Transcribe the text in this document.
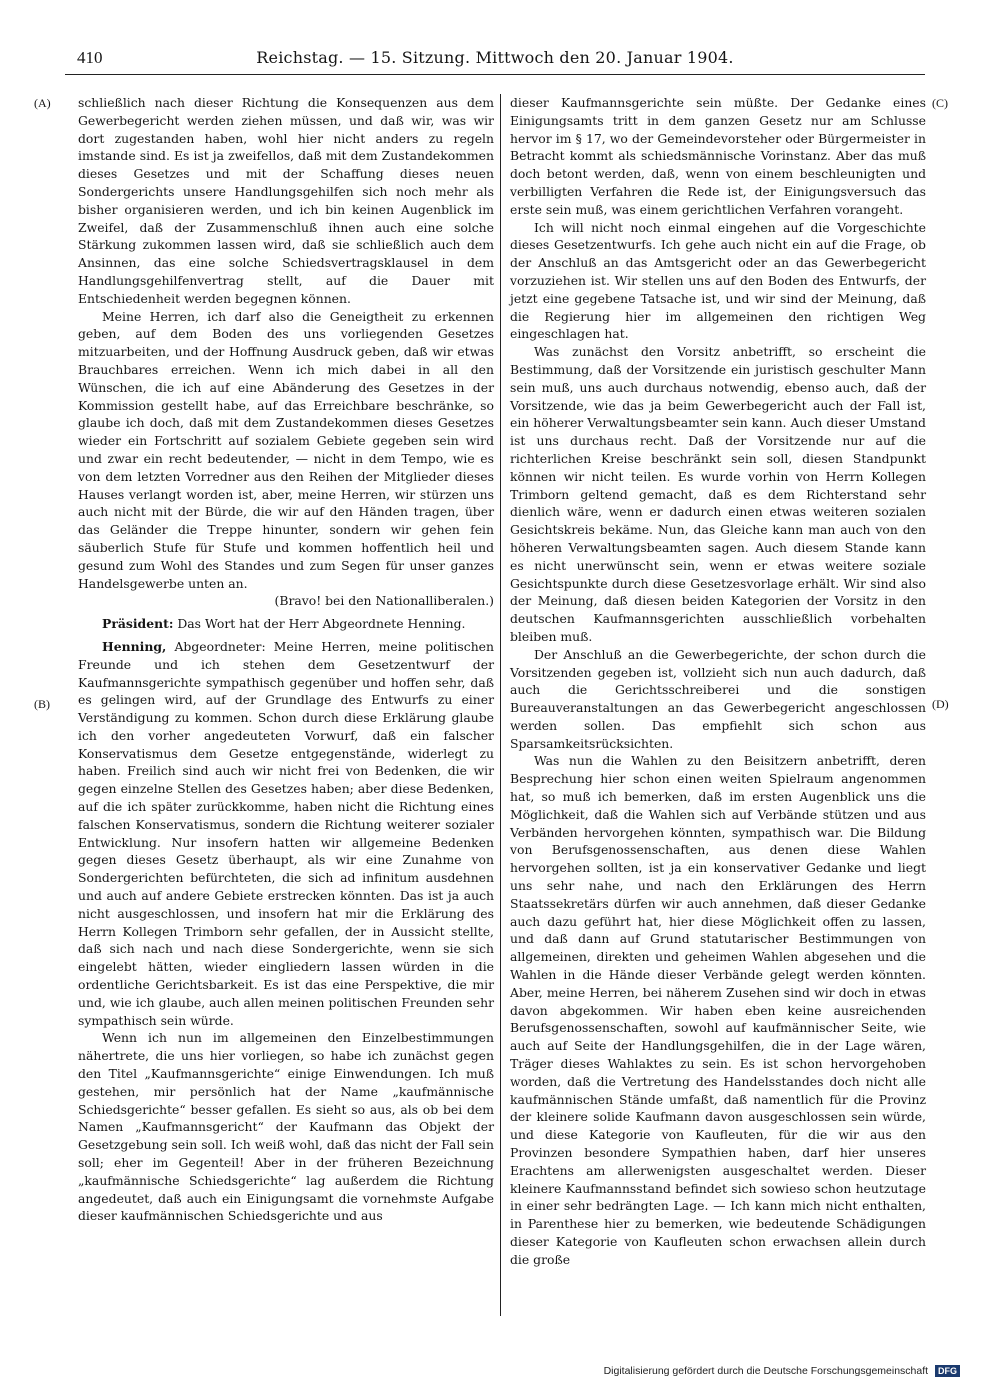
410	Reichstag. — 15. Sitzung. Mittwoch den 20. Januar 1904.
(A)
(B)
(C)
(D)

schließlich nach dieser Richtung die Konsequenzen aus dem Gewerbegericht werden ziehen müssen, und daß wir, was wir dort zugestanden haben, wohl hier nicht anders zu regeln imstande sind. Es ist ja zweifellos, daß mit dem Zustandekommen dieses Gesetzes und mit der Schaffung dieses neuen Sondergerichts unsere Handlungsgehilfen sich noch mehr als bisher organisieren werden, und ich bin keinen Augenblick im Zweifel, daß der Zusammenschluß ihnen auch eine solche Stärkung zukommen lassen wird, daß sie schließlich auch dem Ansinnen, das eine solche Schiedsvertragsklausel in dem Handlungsgehilfenvertrag stellt, auf die Dauer mit Entschiedenheit werden begegnen können.

Meine Herren, ich darf also die Geneigtheit zu erkennen geben, auf dem Boden des uns vorliegenden Gesetzes mitzuarbeiten, und der Hoffnung Ausdruck geben, daß wir etwas Brauchbares erreichen. Wenn ich mich dabei in all den Wünschen, die ich auf eine Abänderung des Gesetzes in der Kommission gestellt habe, auf das Erreichbare beschränke, so glaube ich doch, daß mit dem Zustandekommen dieses Gesetzes wieder ein Fortschritt auf sozialem Gebiete gegeben sein wird und zwar ein recht bedeutender, — nicht in dem Tempo, wie es von dem letzten Vorredner aus den Reihen der Mitglieder dieses Hauses verlangt worden ist, aber, meine Herren, wir stürzen uns auch nicht mit der Bürde, die wir auf den Händen tragen, über das Geländer die Treppe hinunter, sondern wir gehen fein säuberlich Stufe für Stufe und kommen hoffentlich heil und gesund zum Wohl des Standes und zum Segen für unser ganzes Handelsgewerbe unten an.

(Bravo! bei den Nationalliberalen.)

Präsident: Das Wort hat der Herr Abgeordnete Henning.

Henning, Abgeordneter: Meine Herren, meine politischen Freunde und ich stehen dem Gesetzentwurf der Kaufmannsgerichte sympathisch gegenüber und hoffen sehr, daß es gelingen wird, auf der Grundlage des Entwurfs zu einer Verständigung zu kommen. Schon durch diese Erklärung glaube ich den vorher angedeuteten Vorwurf, daß ein falscher Konservatismus dem Gesetze entgegenstände, widerlegt zu haben. Freilich sind auch wir nicht frei von Bedenken, die wir gegen einzelne Stellen des Gesetzes haben; aber diese Bedenken, auf die ich später zurückkomme, haben nicht die Richtung eines falschen Konservatismus, sondern die Richtung weiterer sozialer Entwicklung. Nur insofern hatten wir allgemeine Bedenken gegen dieses Gesetz überhaupt, als wir eine Zunahme von Sondergerichten befürchteten, die sich ad infinitum ausdehnen und auch auf andere Gebiete erstrecken könnten. Das ist ja auch nicht ausgeschlossen, und insofern hat mir die Erklärung des Herrn Kollegen Trimborn sehr gefallen, der in Aussicht stellte, daß sich nach und nach diese Sondergerichte, wenn sie sich eingelebt hätten, wieder eingliedern lassen würden in die ordentliche Gerichtsbarkeit. Es ist das eine Perspektive, die mir und, wie ich glaube, auch allen meinen politischen Freunden sehr sympathisch sein würde.

Wenn ich nun im allgemeinen den Einzelbestimmungen nähertrete, die uns hier vorliegen, so habe ich zunächst gegen den Titel „Kaufmannsgerichte“ einige Einwendungen. Ich muß gestehen, mir persönlich hat der Name „kaufmännische Schiedsgerichte“ besser gefallen. Es sieht so aus, als ob bei dem Namen „Kaufmannsgericht“ der Kaufmann das Objekt der Gesetzgebung sein soll. Ich weiß wohl, daß das nicht der Fall sein soll; eher im Gegenteil! Aber in der früheren Bezeichnung „kaufmännische Schiedsgerichte“ lag außerdem die Richtung angedeutet, daß auch ein Einigungsamt die vornehmste Aufgabe dieser kaufmännischen Schiedsgerichte und aus

dieser Kaufmannsgerichte sein müßte. Der Gedanke eines Einigungsamts tritt in dem ganzen Gesetz nur am Schlusse hervor im § 17, wo der Gemeindevorsteher oder Bürgermeister in Betracht kommt als schiedsmännische Vorinstanz. Aber das muß doch betont werden, daß, wenn von einem beschleunigten und verbilligten Verfahren die Rede ist, der Einigungsversuch das erste sein muß, was einem gerichtlichen Verfahren vorangeht.

Ich will nicht noch einmal eingehen auf die Vorgeschichte dieses Gesetzentwurfs. Ich gehe auch nicht ein auf die Frage, ob der Anschluß an das Amtsgericht oder an das Gewerbegericht vorzuziehen ist. Wir stellen uns auf den Boden des Entwurfs, der jetzt eine gegebene Tatsache ist, und wir sind der Meinung, daß die Regierung hier im allgemeinen den richtigen Weg eingeschlagen hat.

Was zunächst den Vorsitz anbetrifft, so erscheint die Bestimmung, daß der Vorsitzende ein juristisch geschulter Mann sein muß, uns auch durchaus notwendig, ebenso auch, daß der Vorsitzende, wie das ja beim Gewerbegericht auch der Fall ist, ein höherer Verwaltungsbeamter sein kann. Auch dieser Umstand ist uns durchaus recht. Daß der Vorsitzende nur auf die richterlichen Kreise beschränkt sein soll, diesen Standpunkt können wir nicht teilen. Es wurde vorhin von Herrn Kollegen Trimborn geltend gemacht, daß es dem Richterstand sehr dienlich wäre, wenn er dadurch einen etwas weiteren sozialen Gesichtskreis bekäme. Nun, das Gleiche kann man auch von den höheren Verwaltungsbeamten sagen. Auch diesem Stande kann es nicht unerwünscht sein, wenn er etwas weitere soziale Gesichtspunkte durch diese Gesetzesvorlage erhält. Wir sind also der Meinung, daß diesen beiden Kategorien der Vorsitz in den deutschen Kaufmannsgerichten ausschließlich vorbehalten bleiben muß.

Der Anschluß an die Gewerbegerichte, der schon durch die Vorsitzenden gegeben ist, vollzieht sich nun auch dadurch, daß auch die Gerichtsschreiberei und die sonstigen Bureauveranstaltungen an das Gewerbegericht angeschlossen werden sollen. Das empfiehlt sich schon aus Sparsamkeitsrücksichten.

Was nun die Wahlen zu den Beisitzern anbetrifft, deren Besprechung hier schon einen weiten Spielraum angenommen hat, so muß ich bemerken, daß im ersten Augenblick uns die Möglichkeit, daß die Wahlen sich auf Verbände stützen und aus Verbänden hervorgehen könnten, sympathisch war. Die Bildung von Berufsgenossenschaften, aus denen diese Wahlen hervorgehen sollten, ist ja ein konservativer Gedanke und liegt uns sehr nahe, und nach den Erklärungen des Herrn Staatssekretärs dürfen wir auch annehmen, daß dieser Gedanke auch dazu geführt hat, hier diese Möglichkeit offen zu lassen, und daß dann auf Grund statutarischer Bestimmungen von allgemeinen, direkten und geheimen Wahlen abgesehen und die Wahlen in die Hände dieser Verbände gelegt werden könnten. Aber, meine Herren, bei näherem Zusehen sind wir doch in etwas davon abgekommen. Wir haben eben keine ausreichenden Berufsgenossenschaften, sowohl auf kaufmännischer Seite, wie auch auf Seite der Handlungsgehilfen, die in der Lage wären, Träger dieses Wahlaktes zu sein. Es ist schon hervorgehoben worden, daß die Vertretung des Handelsstandes doch nicht alle kaufmännischen Stände umfaßt, daß namentlich für die Provinz der kleinere solide Kaufmann davon ausgeschlossen sein würde, und diese Kategorie von Kaufleuten, für die wir aus den Provinzen besondere Sympathien haben, darf hier unseres Erachtens am allerwenigsten ausgeschaltet werden. Dieser kleinere Kaufmannsstand befindet sich sowieso schon heutzutage in einer sehr bedrängten Lage. — Ich kann mich nicht enthalten, in Parenthese hier zu bemerken, wie bedeutende Schädigungen dieser Kategorie von Kaufleuten schon erwachsen allein durch die große

Digitalisierung gefördert durch die Deutsche Forschungsgemeinschaft DFG
